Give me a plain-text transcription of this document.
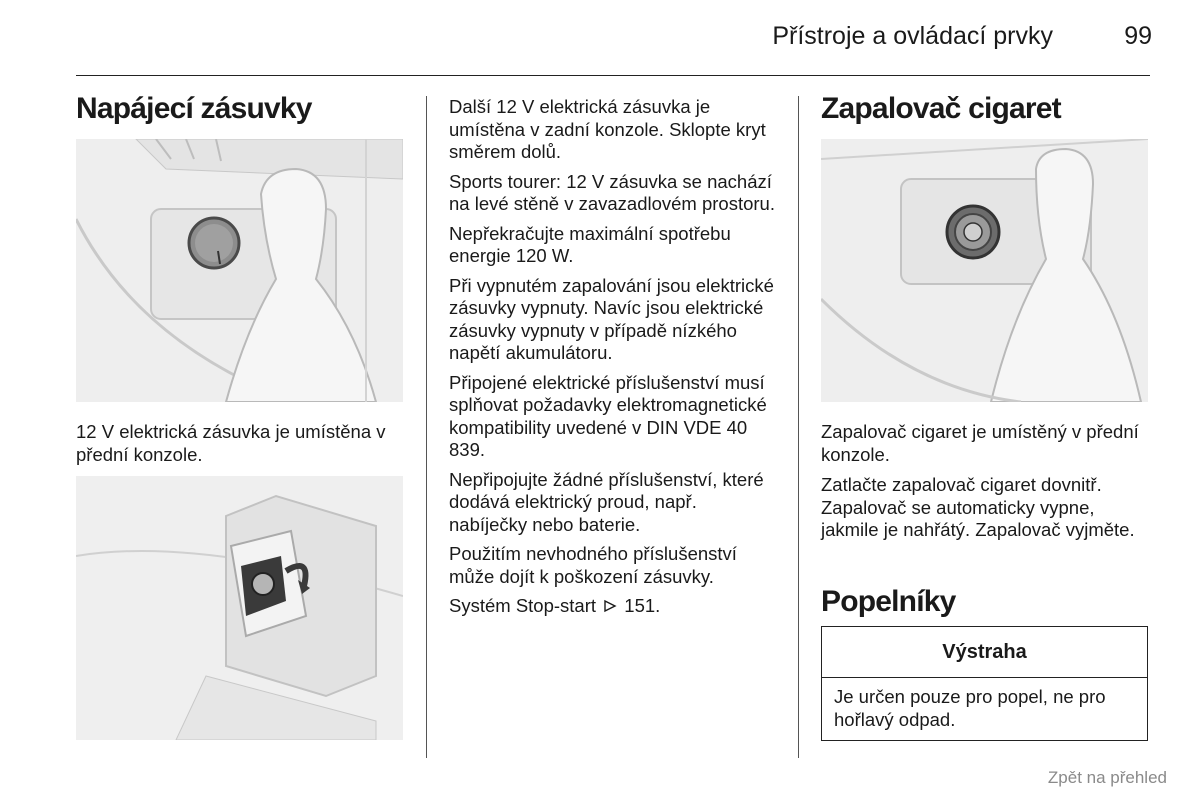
Přístroje a ovládací prvky	99
Napájecí zásuvky

12 V elektrická zásuvka je umístěna v přední konzole.

Další 12 V elektrická zásuvka je umístěna v zadní konzole. Sklopte kryt směrem dolů.

Sports tourer: 12 V zásuvka se nachází na levé stěně v zavazadlovém prostoru.

Nepřekračujte maximální spotřebu energie 120 W.

Při vypnutém zapalování jsou elektrické zásuvky vypnuty. Navíc jsou elektrické zásuvky vypnuty v případě nízkého napětí akumulátoru.

Připojené elektrické příslušenství musí splňovat požadavky elektromagnetické kompatibility uvedené v DIN VDE 40 839.

Nepřipojujte žádné příslušenství, které dodává elektrický proud, např. nabíječky nebo baterie.

Použitím nevhodného příslušenství může dojít k poškození zásuvky.

Systém Stop-start 151.

Zapalovač cigaret

Zapalovač cigaret je umístěný v přední konzole.

Zatlačte zapalovač cigaret dovnitř. Zapalovač se automaticky vypne, jakmile je nahřátý. Zapalovač vyjměte.

Popelníky
Výstraha
Je určen pouze pro popel, ne pro hořlavý odpad.
Zpět na přehled
